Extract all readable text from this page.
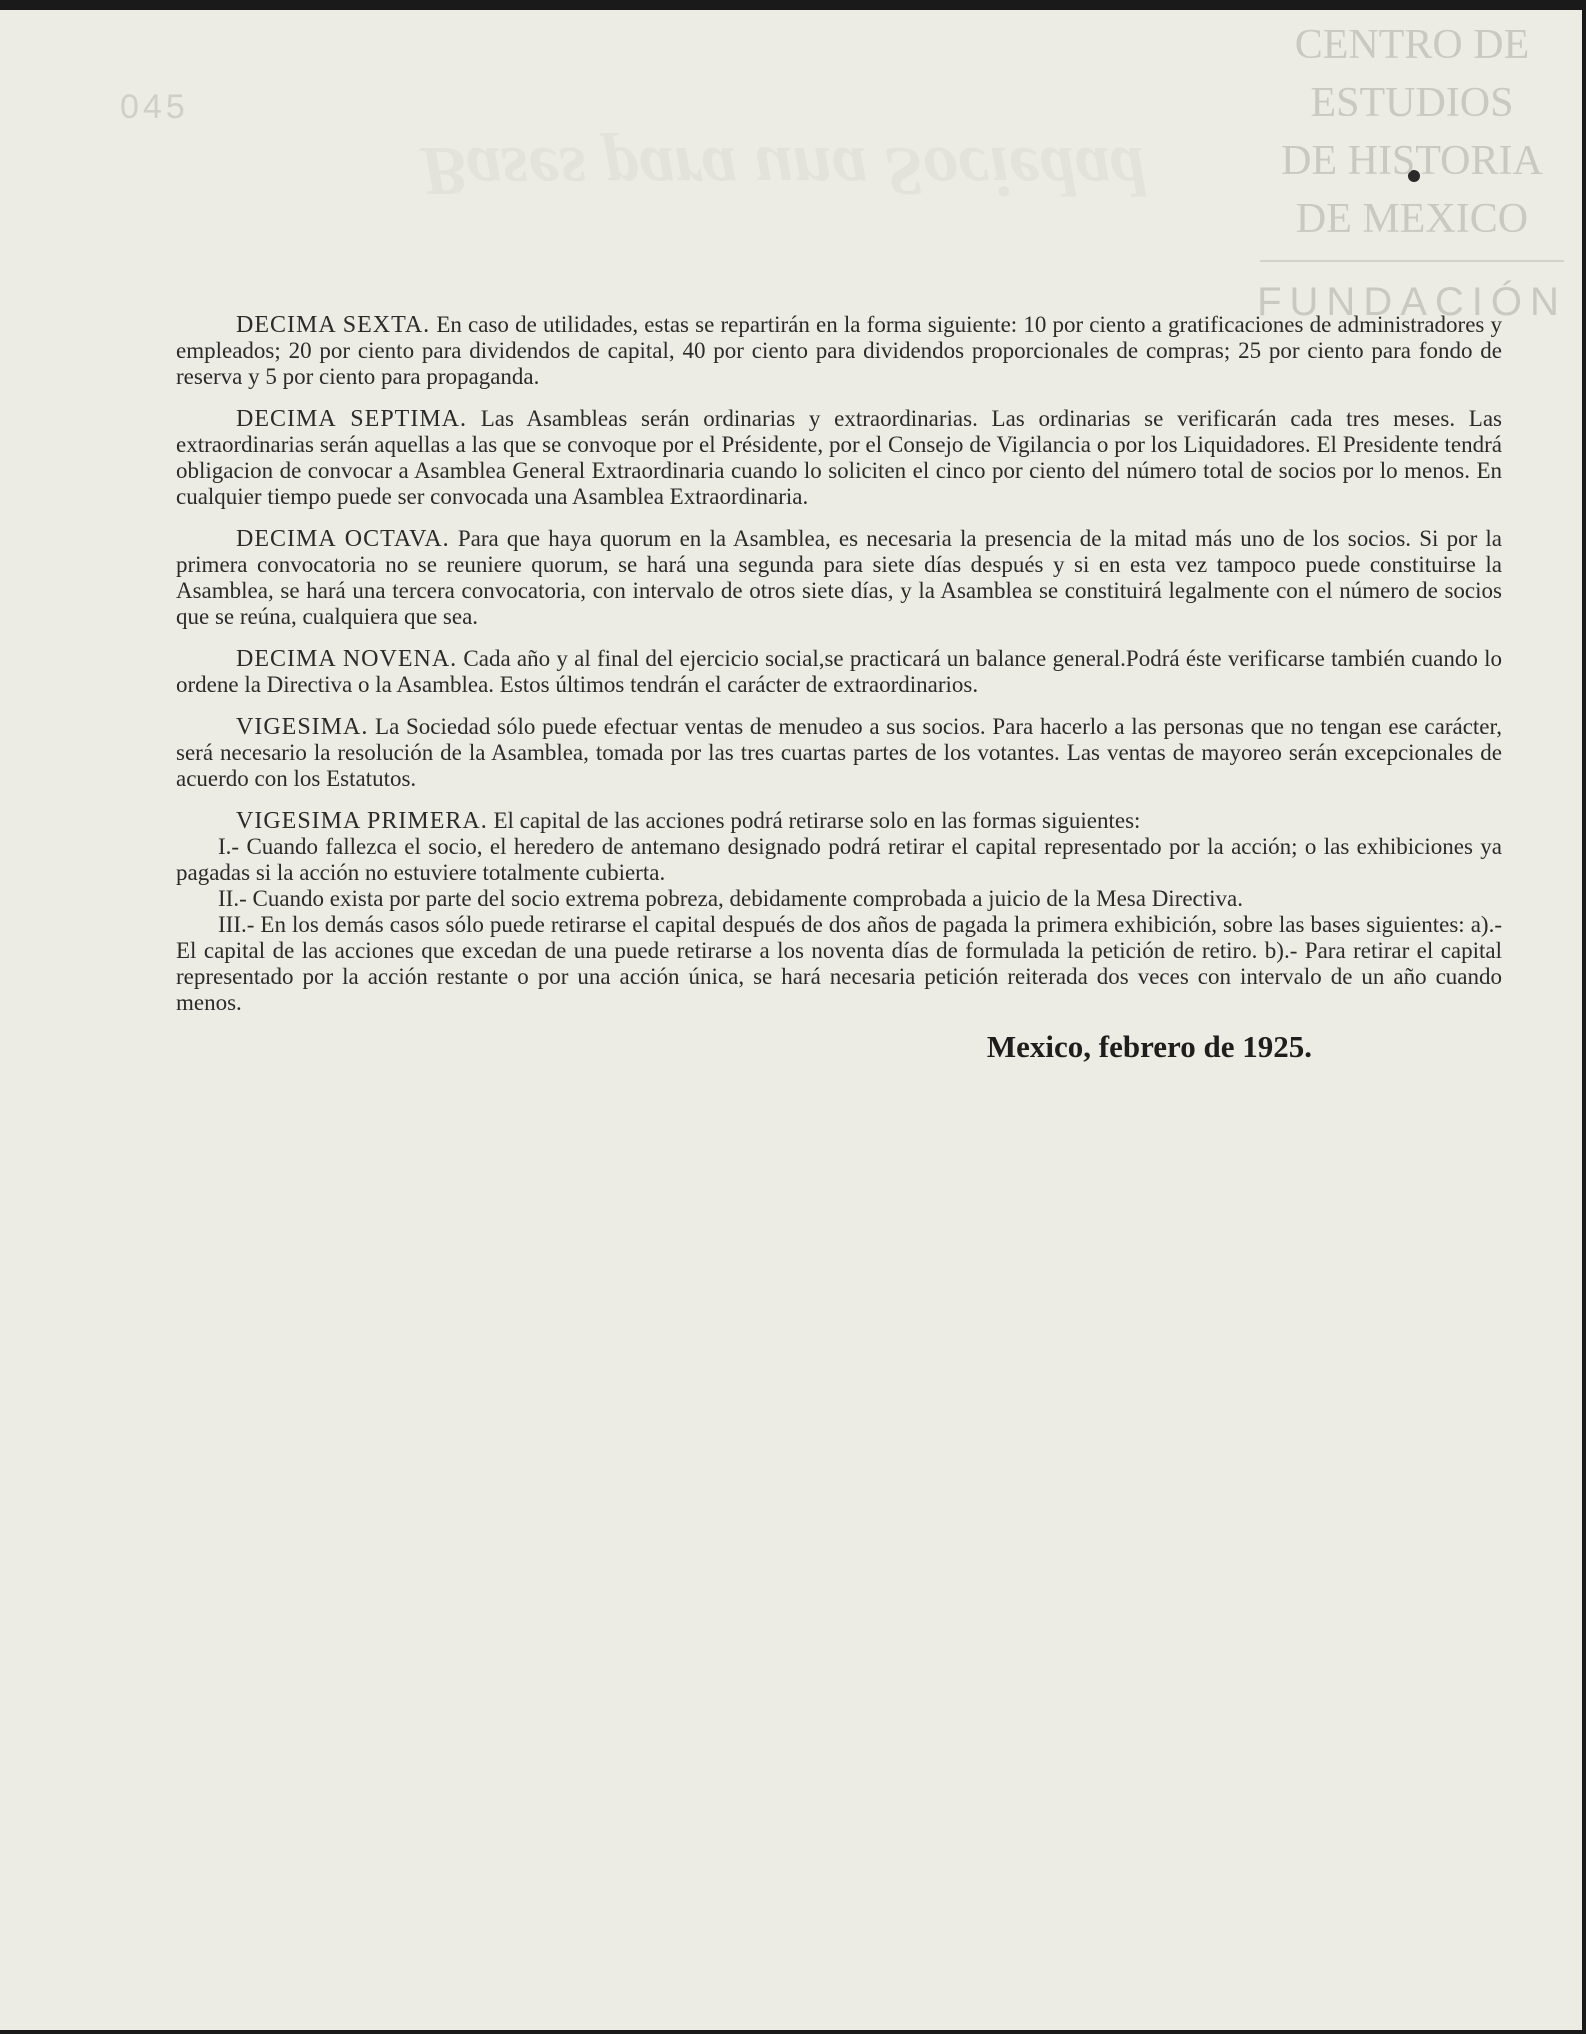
045
Bases para una Sociedad
CENTRO DE
ESTUDIOS
DE HISTORIA
DE MEXICO
FUNDACIÓN

DECIMA SEXTA. En caso de utilidades, estas se repartirán en la forma siguiente: 10 por ciento a gratificaciones de administradores y empleados; 20 por ciento para dividendos de capital, 40 por ciento para dividendos proporcionales de compras; 25 por ciento para fondo de reserva y 5 por ciento para propaganda.

DECIMA SEPTIMA. Las Asambleas serán ordinarias y extraordinarias. Las ordinarias se verificarán cada tres meses. Las extraordinarias serán aquellas a las que se convoque por el Présidente, por el Consejo de Vigilancia o por los Liquidadores. El Presidente tendrá obligacion de convocar a Asamblea General Extraordinaria cuando lo soliciten el cinco por ciento del número total de socios por lo menos. En cualquier tiempo puede ser convocada una Asamblea Extraordinaria.

DECIMA OCTAVA. Para que haya quorum en la Asamblea, es necesaria la presencia de la mitad más uno de los socios. Si por la primera convocatoria no se reuniere quorum, se hará una segunda para siete días después y si en esta vez tampoco puede constituirse la Asamblea, se hará una tercera convocatoria, con intervalo de otros siete días, y la Asamblea se constituirá legalmente con el número de socios que se reúna, cualquiera que sea.

DECIMA NOVENA. Cada año y al final del ejercicio social,se practicará un balance general.Podrá éste verificarse también cuando lo ordene la Directiva o la Asamblea. Estos últimos tendrán el carácter de extraordinarios.

VIGESIMA. La Sociedad sólo puede efectuar ventas de menudeo a sus socios. Para hacerlo a las personas que no tengan ese carácter, será necesario la resolución de la Asamblea, tomada por las tres cuartas partes de los votantes. Las ventas de mayoreo serán excepcionales de acuerdo con los Estatutos.

VIGESIMA PRIMERA. El capital de las acciones podrá retirarse solo en las formas siguientes:

I.- Cuando fallezca el socio, el heredero de antemano designado podrá retirar el capital representado por la acción; o las exhibiciones ya pagadas si la acción no estuviere totalmente cubierta.

II.- Cuando exista por parte del socio extrema pobreza, debidamente comprobada a juicio de la Mesa Directiva.

III.- En los demás casos sólo puede retirarse el capital después de dos años de pagada la primera exhibición, sobre las bases siguientes: a).- El capital de las acciones que excedan de una puede retirarse a los noventa días de formulada la petición de retiro. b).- Para retirar el capital representado por la acción restante o por una acción única, se hará necesaria petición reiterada dos veces con intervalo de un año cuando menos.

Mexico, febrero de 1925.
